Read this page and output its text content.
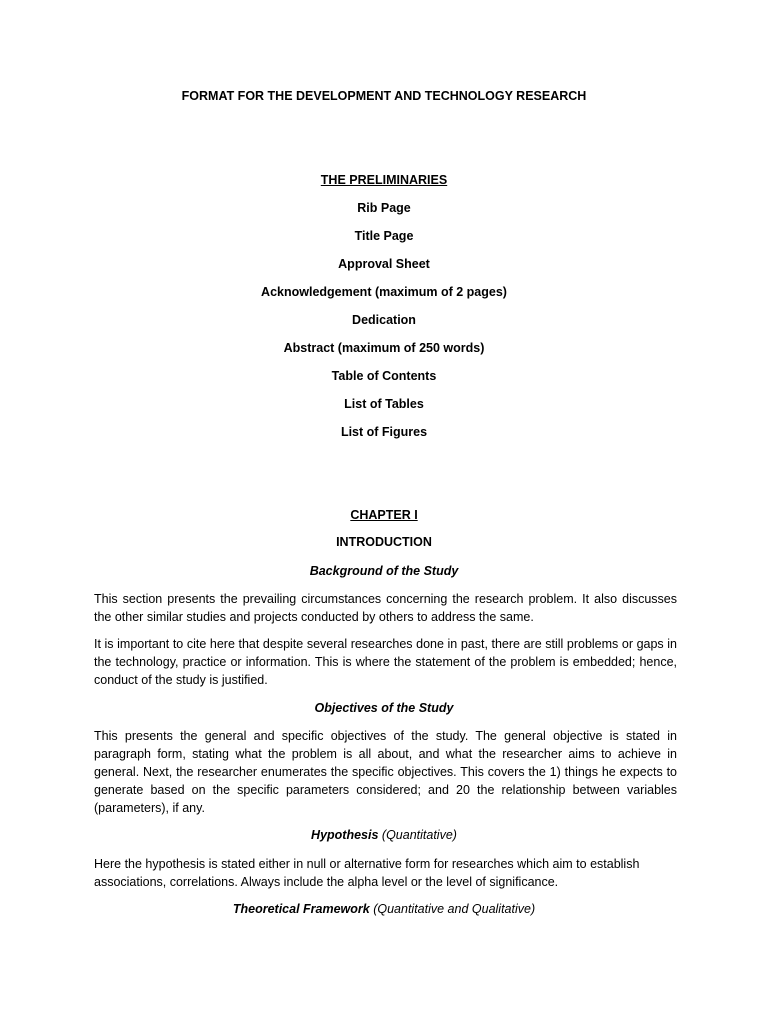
FORMAT FOR THE DEVELOPMENT AND TECHNOLOGY RESEARCH
THE PRELIMINARIES
Rib Page
Title Page
Approval Sheet
Acknowledgement (maximum of 2 pages)
Dedication
Abstract (maximum of 250 words)
Table of Contents
List of Tables
List of Figures
CHAPTER I
INTRODUCTION
Background of the Study
This section presents the prevailing circumstances concerning the research problem. It also discusses the other similar studies and projects conducted by others to address the same.
It is important to cite here that despite several researches done in past, there are still problems or gaps in the technology, practice or information. This is where the statement of the problem is embedded; hence, conduct of the study is justified.
Objectives of the Study
This presents the general and specific objectives of the study. The general objective is stated in paragraph form, stating what the problem is all about, and what the researcher aims to achieve in general. Next, the researcher enumerates the specific objectives. This covers the 1) things he expects to generate based on the specific parameters considered; and 20 the relationship between variables (parameters), if any.
Hypothesis (Quantitative)
Here the hypothesis is stated either in null or alternative form for researches which aim to establish associations, correlations. Always include the alpha level or the level of significance.
Theoretical Framework (Quantitative and Qualitative)
